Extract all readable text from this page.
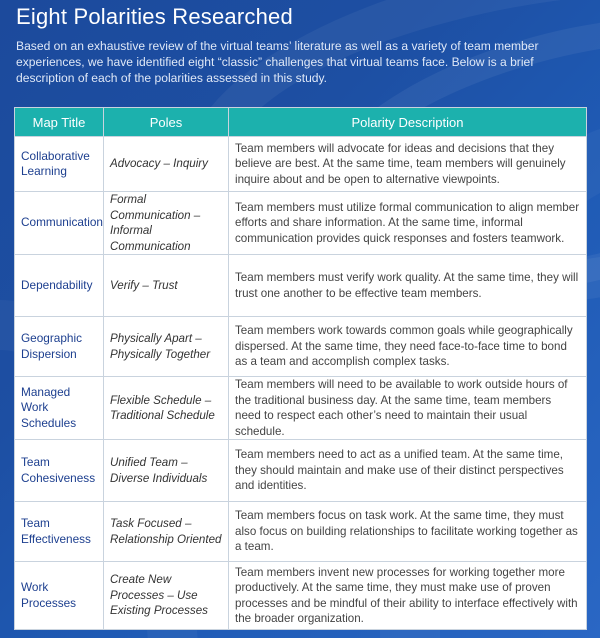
Eight Polarities Researched

Based on an exhaustive review of the virtual teams’ literature as well as a variety of team member experiences, we have identified eight “classic” challenges that virtual teams face. Below is a brief description of each of the polarities assessed in this study.

Map Title	Poles	Polarity Description
Collaborative Learning	Advocacy – Inquiry	Team members will advocate for ideas and decisions that they believe are best. At the same time, team members will genuinely inquire about and be open to alternative viewpoints.
Communication	Formal Communication – Informal Communication	Team members must utilize formal communication to align member efforts and share information. At the same time, informal communication provides quick responses and fosters teamwork.
Dependability	Verify – Trust	Team members must verify work quality. At the same time, they will trust one another to be effective team members.
Geographic Dispersion	Physically Apart – Physically Together	Team members work towards common goals while geographically dispersed. At the same time, they need face-to-face time to bond as a team and accomplish complex tasks.
Managed Work Schedules	Flexible Schedule – Traditional Schedule	Team members will need to be available to work outside hours of the traditional business day. At the same time, team members need to respect each other’s need to maintain their usual schedule.
Team Cohesiveness	Unified Team – Diverse Individuals	Team members need to act as a unified team. At the same time, they should maintain and make use of their distinct perspectives and identities.
Team Effectiveness	Task Focused – Relationship Oriented	Team members focus on task work. At the same time, they must also focus on building relationships to facilitate working together as a team.
Work Processes	Create New Processes – Use Existing Processes	Team members invent new processes for working together more productively. At the same time, they must make use of proven processes and be mindful of their ability to interface effectively with the broader organization.
